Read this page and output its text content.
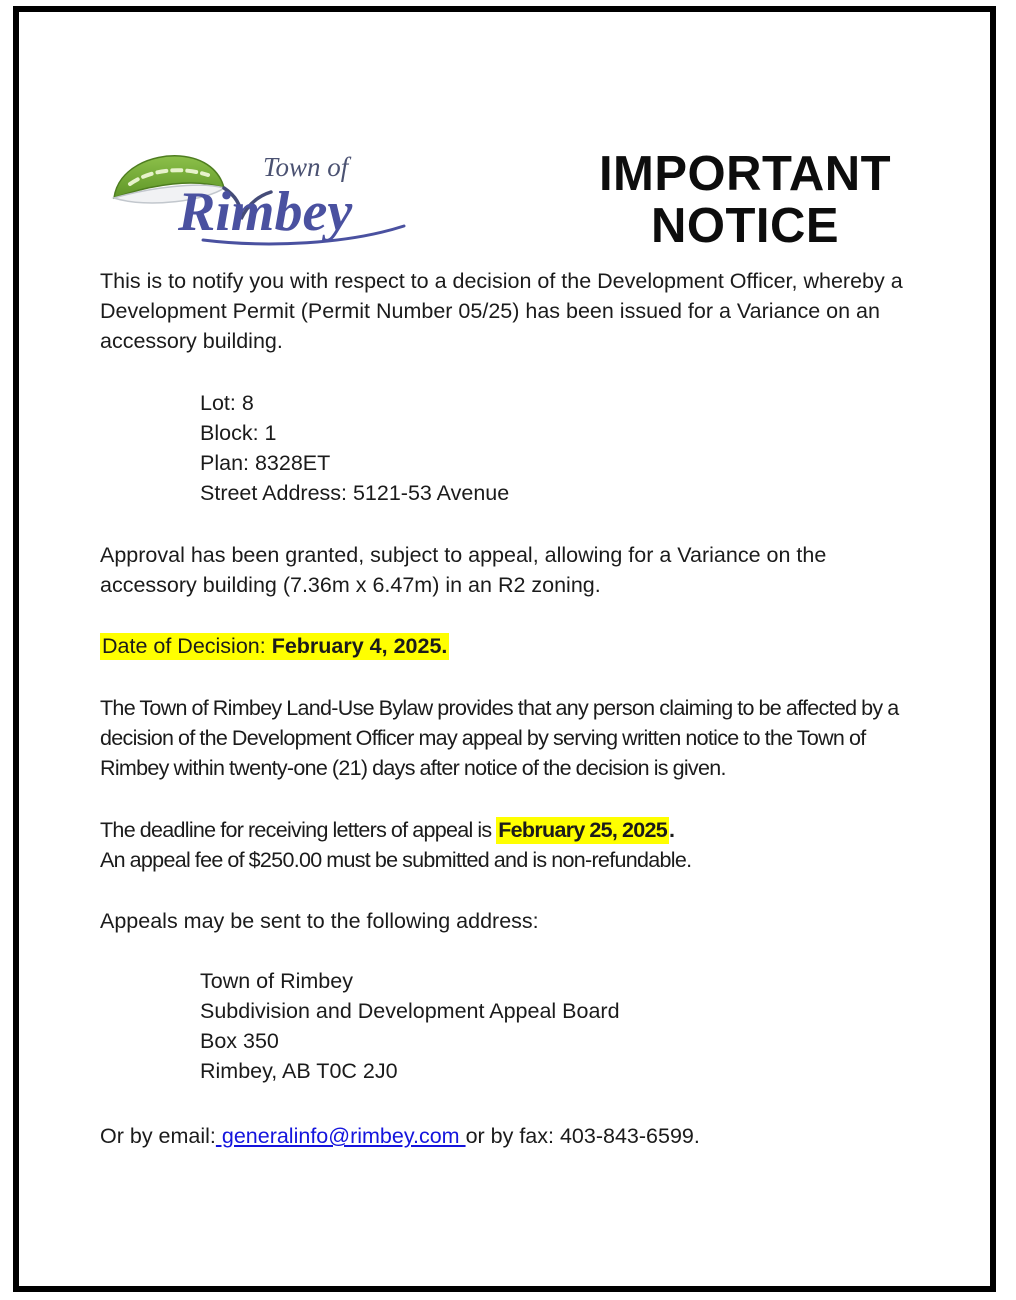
Town of
Rimbey
IMPORTANT
NOTICE

This is to notify you with respect to a decision of the Development Officer, whereby a Development Permit (Permit Number 05/25) has been issued for a Variance on an accessory building.

Lot: 8
Block: 1
Plan: 8328ET
Street Address: 5121-53 Avenue

Approval has been granted, subject to appeal, allowing for a Variance on the accessory building (7.36m x 6.47m) in an R2 zoning.

Date of Decision: February 4, 2025.

The Town of Rimbey Land-Use Bylaw provides that any person claiming to be affected by a decision of the Development Officer may appeal by serving written notice to the Town of Rimbey within twenty-one (21) days after notice of the decision is given.

The deadline for receiving letters of appeal is February 25, 2025.

An appeal fee of $250.00 must be submitted and is non-refundable.

Appeals may be sent to the following address:

Town of Rimbey
Subdivision and Development Appeal Board
Box 350
Rimbey, AB T0C 2J0

Or by email: generalinfo@rimbey.com or by fax: 403-843-6599.
